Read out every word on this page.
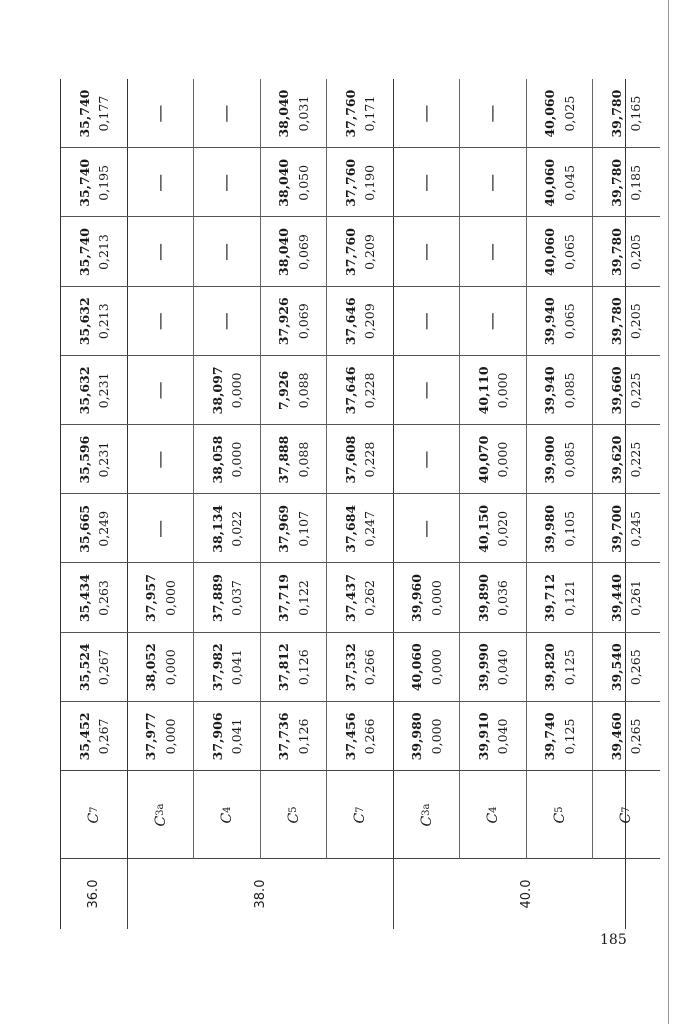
36.0	38.0	40.0
C
7
35,452 0,267
35,524 0,267
35,434 0,263
35,665 0,249
35,596 0,231
35,632 0,231
35,632 0,213
35,740 0,213
35,740 0,195
35,740 0,177
C
3a
37,977 0,000
38,052 0,000
37,957 0,000
—
—
—
—
—
—
—
C
4
37,906 0,041
37,982 0,041
37,889 0,037
38,134 0,022
38,058 0,000
38,097 0,000
—
—
—
—
C
5
37,736 0,126
37,812 0,126
37,719 0,122
37,969 0,107
37,888 0,088
7,926 0,088
37,926 0,069
38,040 0,069
38,040 0,050
38,040 0,031
C
7
37,456 0,266
37,532 0,266
37,437 0,262
37,684 0,247
37,608 0,228
37,646 0,228
37,646 0,209
37,760 0,209
37,760 0,190
37,760 0,171
C
3a
39,980 0,000
40,060 0,000
39,960 0,000
—
—
—
—
—
—
—
C
4
39,910 0,040
39,990 0,040
39,890 0,036
40,150 0,020
40,070 0,000
40,110 0,000
—
—
—
—
C
5
39,740 0,125
39,820 0,125
39,712 0,121
39,980 0,105
39,900 0,085
39,940 0,085
39,940 0,065
40,060 0,065
40,060 0,045
40,060 0,025
C
7
39,460 0,265
39,540 0,265
39,440 0,261
39,700 0,245
39,620 0,225
39,660 0,225
39,780 0,205
39,780 0,205
39,780 0,185
39,780 0,165
185
